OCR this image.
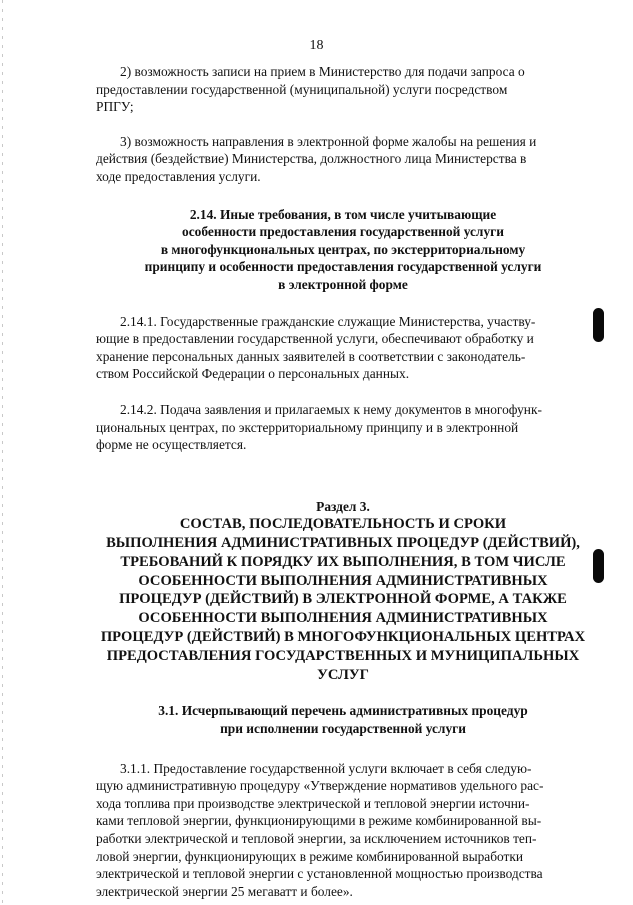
18

2) возможность записи на прием в Министерство для подачи запроса о
предоставлении государственной (муниципальной) услуги посредством
РПГУ;

3) возможность направления в электронной форме жалобы на решения и
действия (бездействие) Министерства, должностного лица Министерства в
ходе предоставления услуги.

2.14. Иные требования, в том числе учитывающие
особенности предоставления государственной услуги
в многофункциональных центрах, по экстерриториальному
принципу и особенности предоставления государственной услуги
в электронной форме

2.14.1. Государственные гражданские служащие Министерства, участву-
ющие в предоставлении государственной услуги, обеспечивают обработку и
хранение персональных данных заявителей в соответствии с законодатель-
ством Российской Федерации о персональных данных.

2.14.2. Подача заявления и прилагаемых к нему документов в многофунк-
циональных центрах, по экстерриториальному принципу и в электронной
форме не осуществляется.

Раздел 3.
СОСТАВ, ПОСЛЕДОВАТЕЛЬНОСТЬ И СРОКИ
ВЫПОЛНЕНИЯ АДМИНИСТРАТИВНЫХ ПРОЦЕДУР (ДЕЙСТВИЙ),
ТРЕБОВАНИЙ К ПОРЯДКУ ИХ ВЫПОЛНЕНИЯ, В ТОМ ЧИСЛЕ
ОСОБЕННОСТИ ВЫПОЛНЕНИЯ АДМИНИСТРАТИВНЫХ
ПРОЦЕДУР (ДЕЙСТВИЙ) В ЭЛЕКТРОННОЙ ФОРМЕ, А ТАКЖЕ
ОСОБЕННОСТИ ВЫПОЛНЕНИЯ АДМИНИСТРАТИВНЫХ
ПРОЦЕДУР (ДЕЙСТВИЙ) В МНОГОФУНКЦИОНАЛЬНЫХ ЦЕНТРАХ
ПРЕДОСТАВЛЕНИЯ ГОСУДАРСТВЕННЫХ И МУНИЦИПАЛЬНЫХ
УСЛУГ
3.1. Исчерпывающий перечень административных процедур
при исполнении государственной услуги

3.1.1. Предоставление государственной услуги включает в себя следую-
щую административную процедуру «Утверждение нормативов удельного рас-
хода топлива при производстве электрической и тепловой энергии источни-
ками тепловой энергии, функционирующими в режиме комбинированной вы-
работки электрической и тепловой энергии, за исключением источников теп-
ловой энергии, функционирующих в режиме комбинированной выработки
электрической и тепловой энергии с установленной мощностью производства
электрической энергии 25 мегаватт и более».
